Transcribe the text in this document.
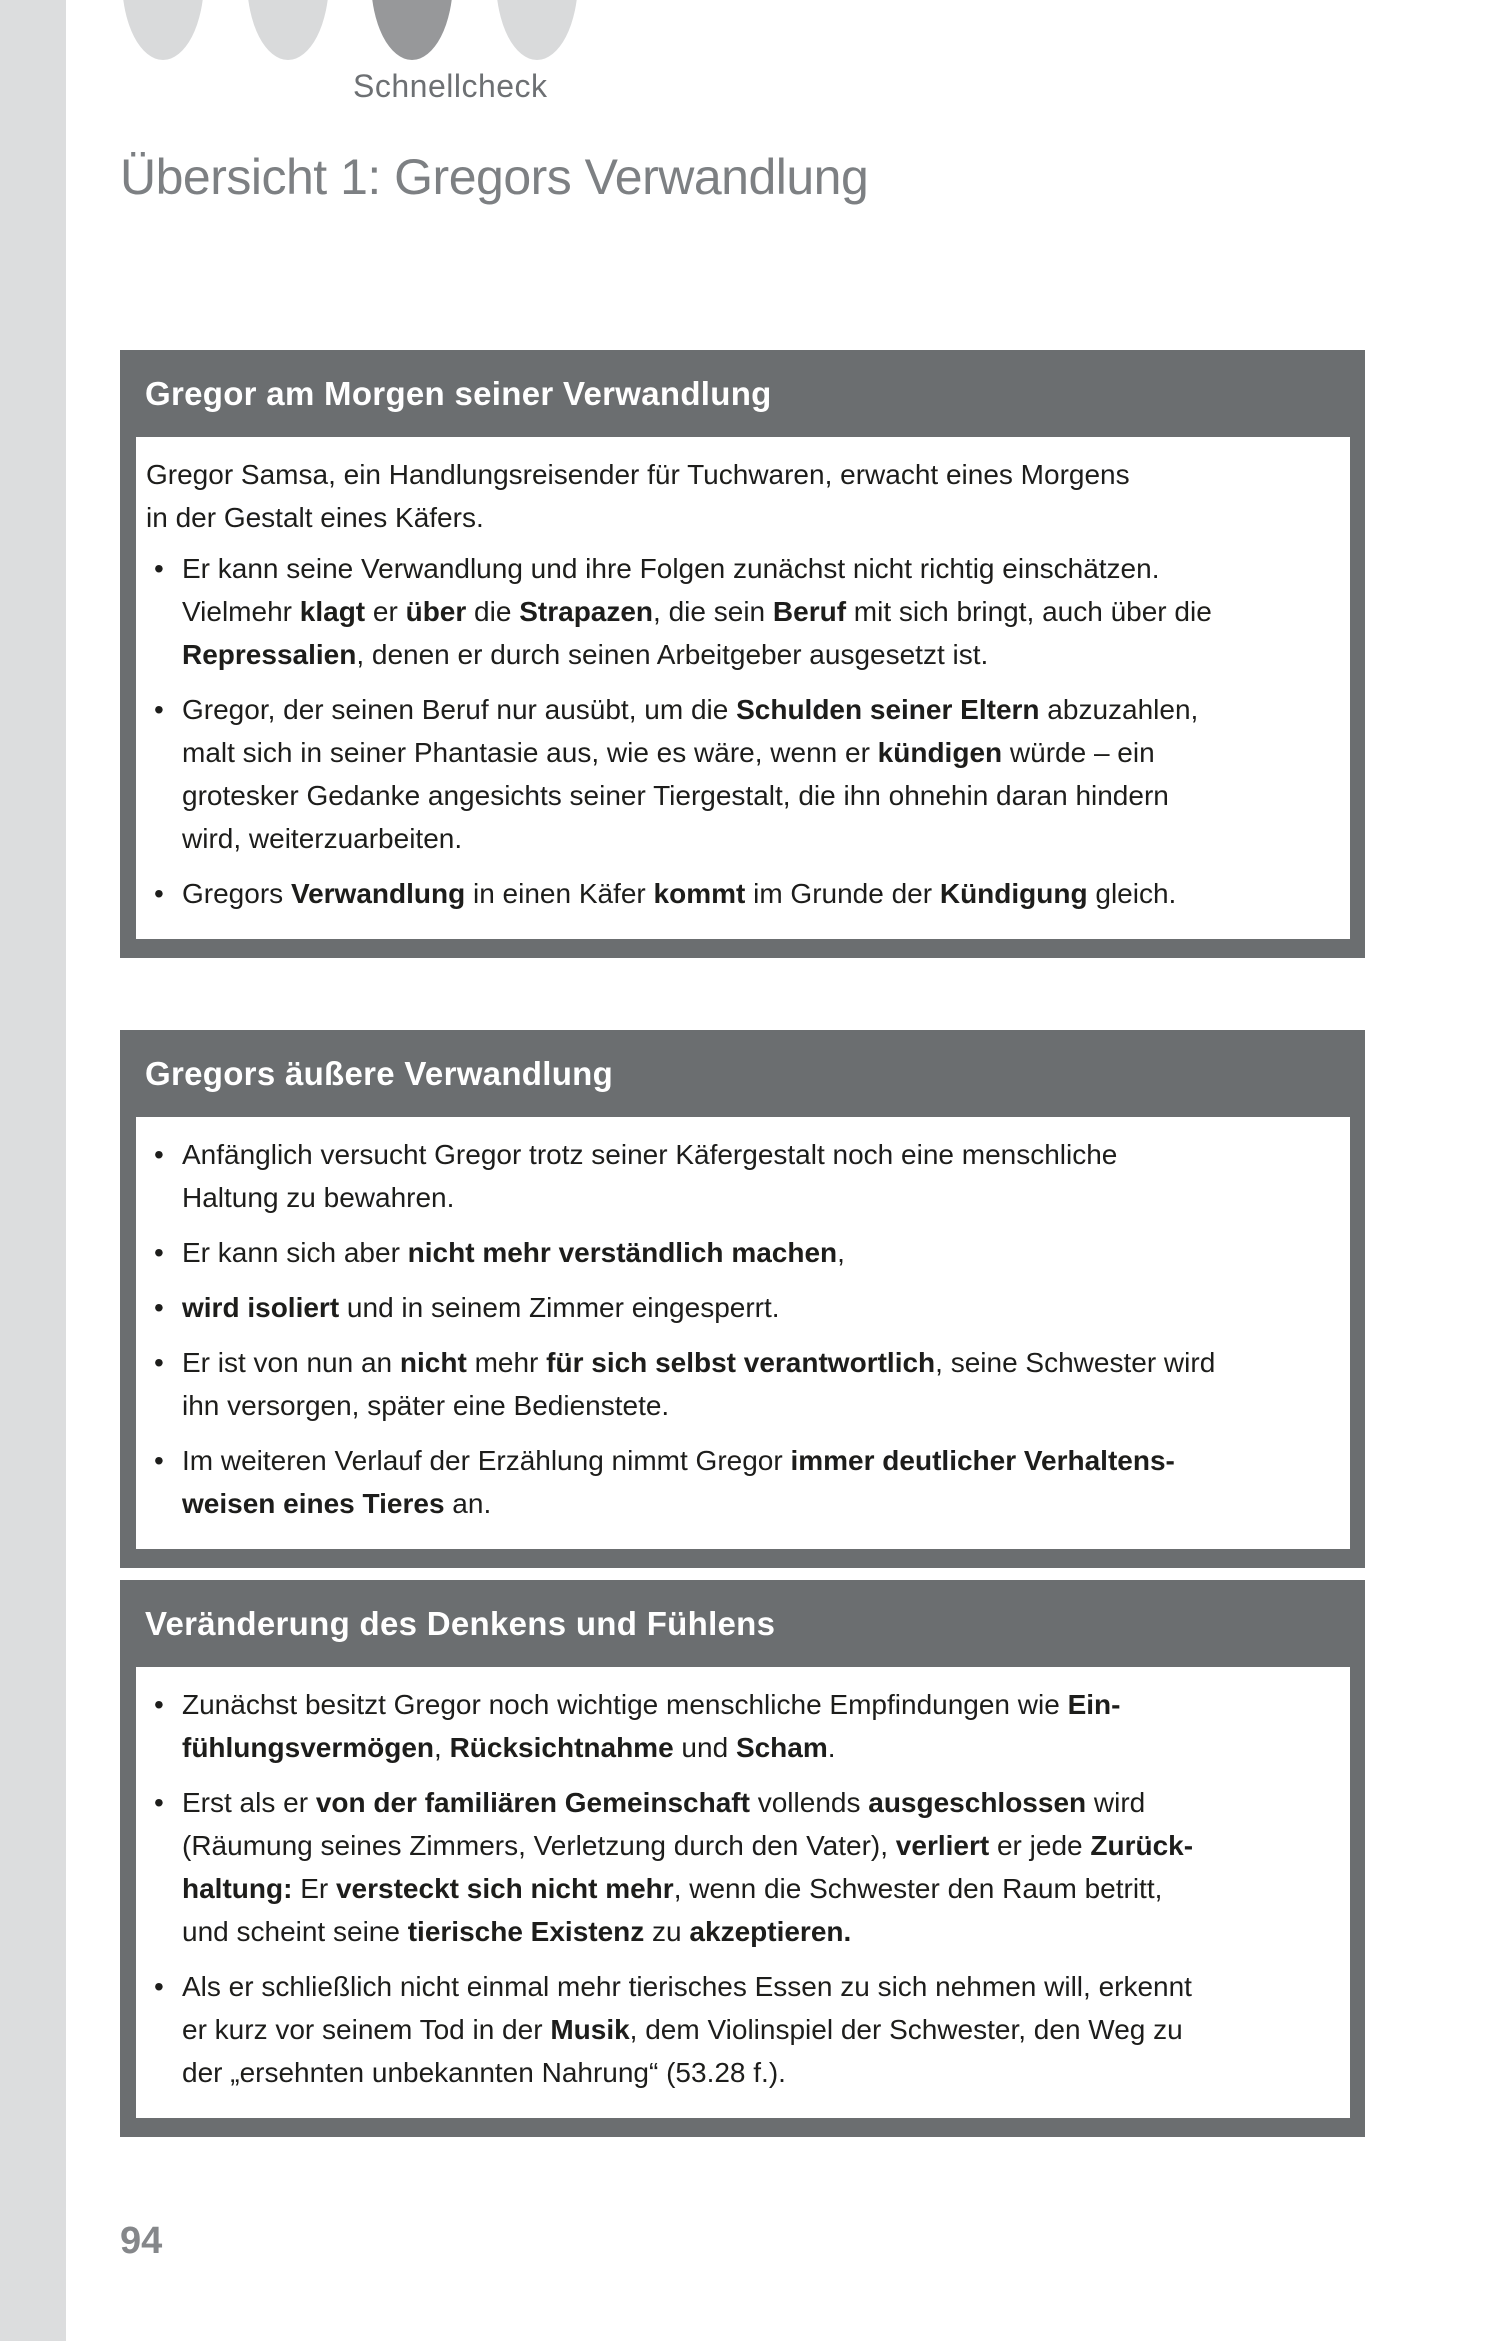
Schnellcheck
Übersicht 1: Gregors Verwandlung
Gregor am Morgen seiner Verwandlung

Gregor Samsa, ein Handlungsreisender für Tuchwaren, erwacht eines Morgens
in der Gestalt eines Käfers.

• Er kann seine Verwandlung und ihre Folgen zunächst nicht richtig einschätzen.
Vielmehr klagt er über die Strapazen, die sein Beruf mit sich bringt, auch über die
Repressalien, denen er durch seinen Arbeitgeber ausgesetzt ist.
• Gregor, der seinen Beruf nur ausübt, um die Schulden seiner Eltern abzuzahlen,
malt sich in seiner Phantasie aus, wie es wäre, wenn er kündigen würde – ein
grotesker Gedanke angesichts seiner Tiergestalt, die ihn ohnehin daran hindern
wird, weiterzuarbeiten.
• Gregors Verwandlung in einen Käfer kommt im Grunde der Kündigung gleich.
Gregors äußere Verwandlung
• Anfänglich versucht Gregor trotz seiner Käfergestalt noch eine menschliche
Haltung zu bewahren.
• Er kann sich aber nicht mehr verständlich machen,
• wird isoliert und in seinem Zimmer eingesperrt.
• Er ist von nun an nicht mehr für sich selbst verantwortlich, seine Schwester wird
ihn versorgen, später eine Bedienstete.
• Im weiteren Verlauf der Erzählung nimmt Gregor immer deutlicher Verhaltens-
weisen eines Tieres an.
Veränderung des Denkens und Fühlens
• Zunächst besitzt Gregor noch wichtige menschliche Empfindungen wie Ein-
fühlungsvermögen, Rücksichtnahme und Scham.
• Erst als er von der familiären Gemeinschaft vollends ausgeschlossen wird
(Räumung seines Zimmers, Verletzung durch den Vater), verliert er jede Zurück-
haltung: Er versteckt sich nicht mehr, wenn die Schwester den Raum betritt,
und scheint seine tierische Existenz zu akzeptieren.
• Als er schließlich nicht einmal mehr tierisches Essen zu sich nehmen will, erkennt
er kurz vor seinem Tod in der Musik, dem Violinspiel der Schwester, den Weg zu
der „ersehnten unbekannten Nahrung“ (53.28 f.).
94
